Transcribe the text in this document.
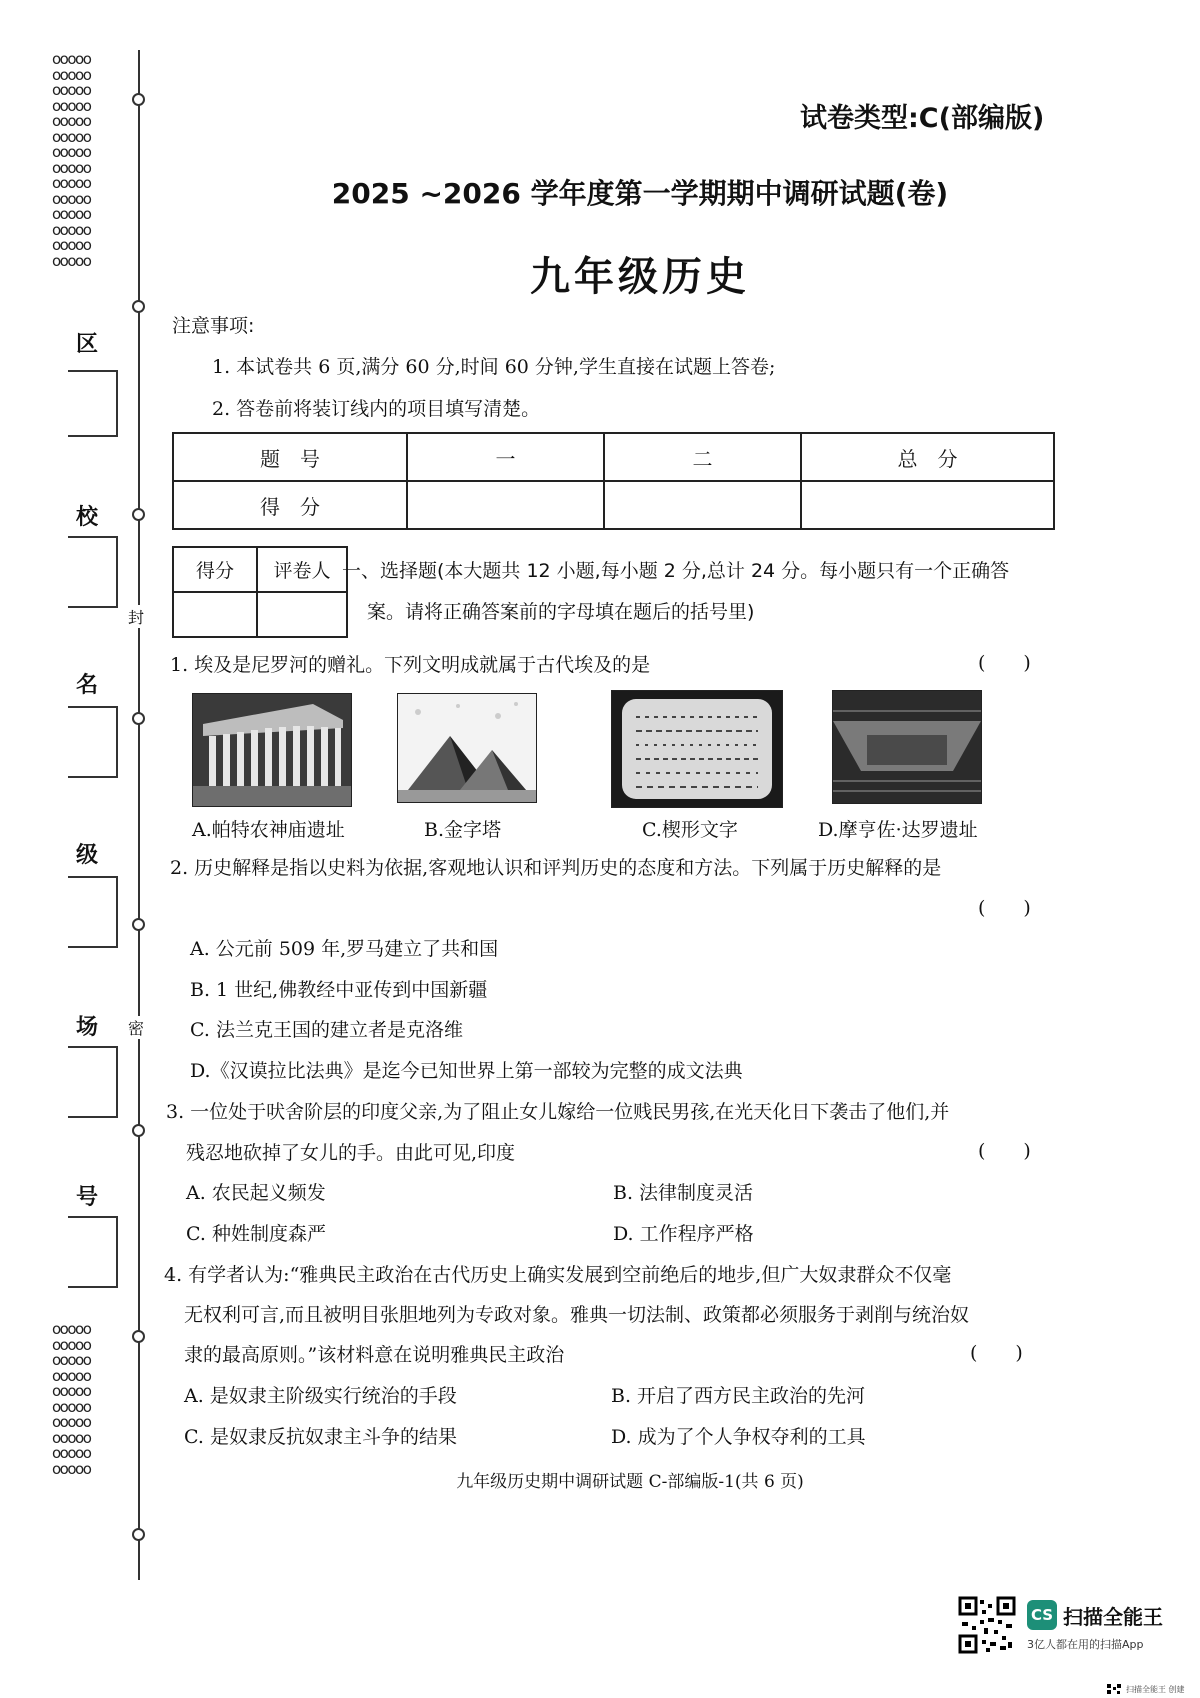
ooooo
ooooo
ooooo
ooooo
ooooo
ooooo
ooooo
ooooo
ooooo
ooooo
ooooo
ooooo
ooooo
ooooo
ooooo
ooooo
ooooo
ooooo
ooooo
ooooo
ooooo
ooooo
ooooo
ooooo
封
密
区
校
名
级
场
号
试卷类型:C(部编版)
2025 ~2026 学年度第一学期期中调研试题(卷)
九年级历史
注意事项:
1. 本试卷共 6 页,满分 60 分,时间 60 分钟,学生直接在试题上答卷;
2. 答卷前将装订线内的项目填写清楚。
题　号	一	二	总　分
得　分			
得分	评卷人
	一、选择题(本大题共 12 小题,每小题 2 分,总计 24 分。每小题只有一个正确答
案。请将正确答案前的字母填在题后的括号里)
1. 埃及是尼罗河的赠礼。下列文明成就属于古代埃及的是	(　　)
A.帕特农神庙遗址	B.金字塔	C.楔形文字	D.摩亨佐·达罗遗址
2. 历史解释是指以史料为依据,客观地认识和评判历史的态度和方法。下列属于历史解释的是
(　　)
A. 公元前 509 年,罗马建立了共和国
B. 1 世纪,佛教经中亚传到中国新疆
C. 法兰克王国的建立者是克洛维
D.《汉谟拉比法典》是迄今已知世界上第一部较为完整的成文法典
3. 一位处于吠舍阶层的印度父亲,为了阻止女儿嫁给一位贱民男孩,在光天化日下袭击了他们,并
残忍地砍掉了女儿的手。由此可见,印度	(　　)
A. 农民起义频发	B. 法律制度灵活
C. 种姓制度森严	D. 工作程序严格
4. 有学者认为:“雅典民主政治在古代历史上确实发展到空前绝后的地步,但广大奴隶群众不仅毫
无权利可言,而且被明目张胆地列为专政对象。雅典一切法制、政策都必须服务于剥削与统治奴
隶的最高原则。”该材料意在说明雅典民主政治	(　　)
A. 是奴隶主阶级实行统治的手段	B. 开启了西方民主政治的先河
C. 是奴隶反抗奴隶主斗争的结果	D. 成为了个人争权夺利的工具
九年级历史期中调研试题 C-部编版-1(共 6 页)
CS 扫描全能王
3亿人都在用的扫描App
扫描全能王 创建
